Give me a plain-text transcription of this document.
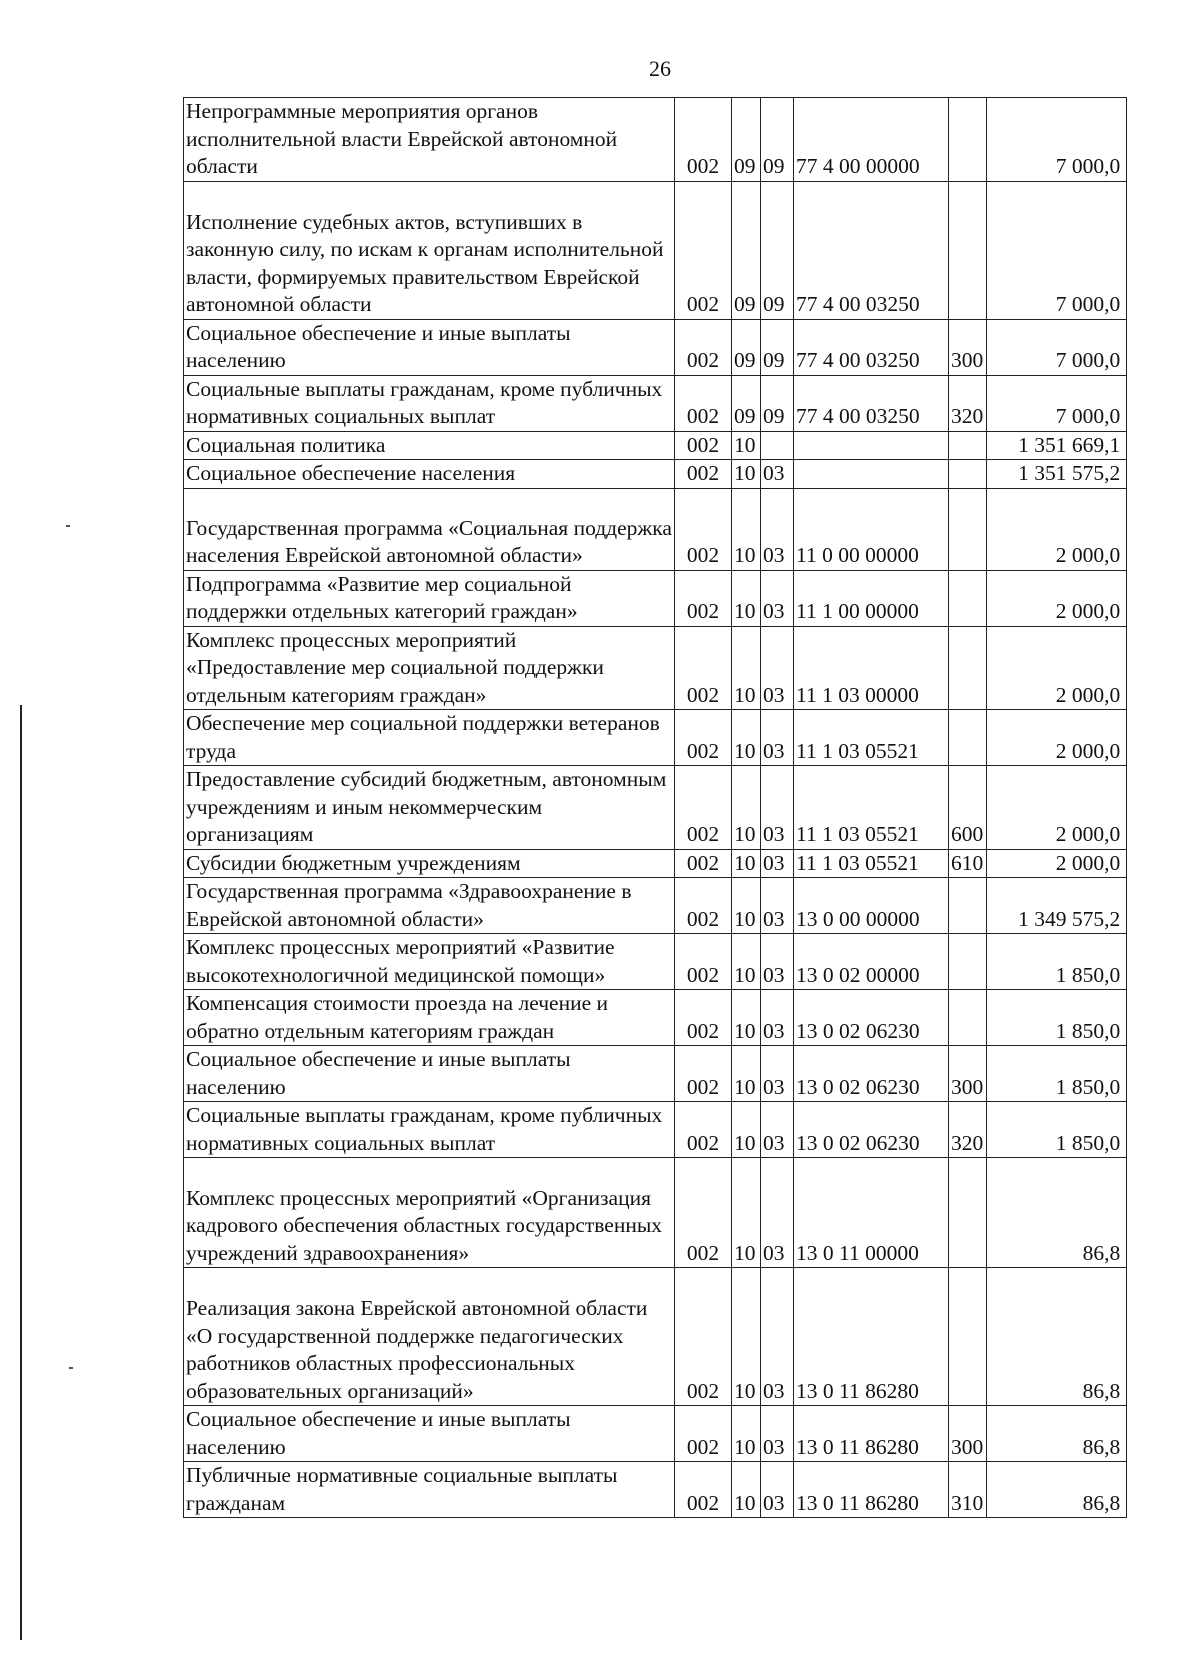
26
Непрограммные мероприятия органов исполнительной власти Еврейской автономной области	002	09	09	77 4 00 00000		7 000,0
Исполнение судебных актов, вступивших в законную силу, по искам к органам исполнительной власти, формируемых правительством Еврейской автономной области	002	09	09	77 4 00 03250		7 000,0
Социальное обеспечение и иные выплаты населению	002	09	09	77 4 00 03250	300	7 000,0
Социальные выплаты гражданам, кроме публичных нормативных социальных выплат	002	09	09	77 4 00 03250	320	7 000,0
Социальная политика	002	10				1 351 669,1
Социальное обеспечение населения	002	10	03			1 351 575,2
Государственная программа «Социальная поддержка населения Еврейской автономной области»	002	10	03	11 0 00 00000		2 000,0
Подпрограмма «Развитие мер социальной поддержки отдельных категорий граждан»	002	10	03	11 1 00 00000		2 000,0
Комплекс процессных мероприятий «Предоставление мер социальной поддержки отдельным категориям граждан»	002	10	03	11 1 03 00000		2 000,0
Обеспечение мер социальной поддержки ветеранов труда	002	10	03	11 1 03 05521		2 000,0
Предоставление субсидий бюджетным, автономным учреждениям и иным некоммерческим организациям	002	10	03	11 1 03 05521	600	2 000,0
Субсидии бюджетным учреждениям	002	10	03	11 1 03 05521	610	2 000,0
Государственная программа «Здравоохранение в Еврейской автономной области»	002	10	03	13 0 00 00000		1 349 575,2
Комплекс процессных мероприятий «Развитие высокотехнологичной медицинской помощи»	002	10	03	13 0 02 00000		1 850,0
Компенсация стоимости проезда на лечение и обратно отдельным категориям граждан	002	10	03	13 0 02 06230		1 850,0
Социальное обеспечение и иные выплаты населению	002	10	03	13 0 02 06230	300	1 850,0
Социальные выплаты гражданам, кроме публичных нормативных социальных выплат	002	10	03	13 0 02 06230	320	1 850,0
Комплекс процессных мероприятий «Организация кадрового обеспечения областных государственных учреждений здравоохранения»	002	10	03	13 0 11 00000		86,8
Реализация закона Еврейской автономной области «О государственной поддержке педагогических работников областных профессиональных образовательных организаций»	002	10	03	13 0 11 86280		86,8
Социальное обеспечение и иные выплаты населению	002	10	03	13 0 11 86280	300	86,8
Публичные нормативные социальные выплаты гражданам	002	10	03	13 0 11 86280	310	86,8
